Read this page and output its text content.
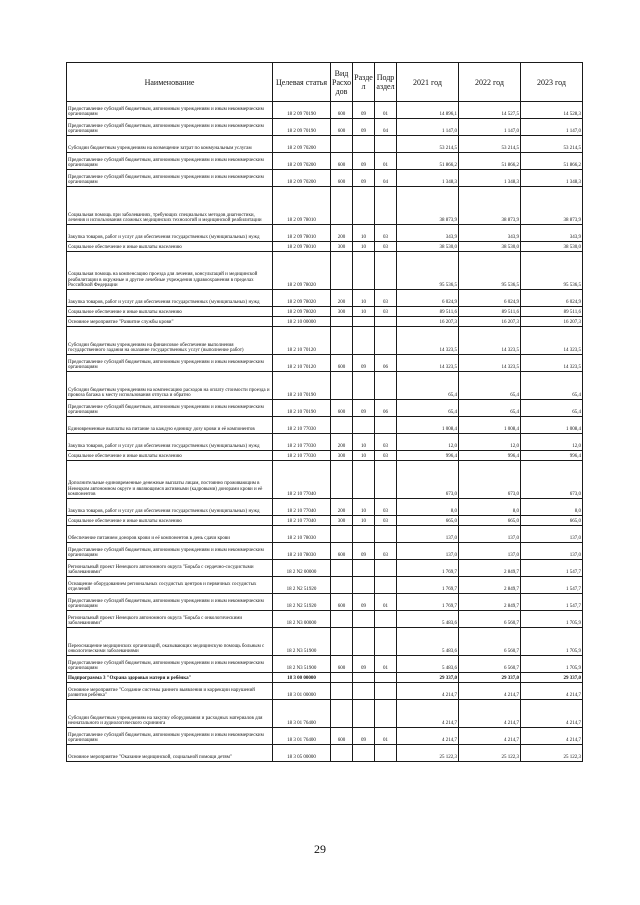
Наименование	Целевая статья	Вид Расхо дов	Разде л	Подр аздел	2021 год	2022 год	2023 год
Предоставление субсидий бюджетным, автономным учреждениям и иным некоммерческим организациям	18 2 09 70190	600	09	01	14 896,1	14 527,5	14 528,3
Предоставление субсидий бюджетным, автономным учреждениям и иным некоммерческим организациям	18 2 09 70190	600	09	04	1 147,0	1 147,0	1 147,0
Субсидии бюджетным учреждениям на возмещение затрат по коммунальным услугам	18 2 09 70200				53 214,5	53 214,5	53 214,5
Предоставление субсидий бюджетным, автономным учреждениям и иным некоммерческим организациям	18 2 09 70200	600	09	01	51 866,2	51 866,2	51 866,2
Предоставление субсидий бюджетным, автономным учреждениям и иным некоммерческим организациям	18 2 09 70200	600	09	04	1 348,3	1 348,3	1 348,3
Социальная помощь при заболеваниях, требующих специальных методов диагностики, лечения и использования сложных медицинских технологий и медицинской реабилитации	18 2 09 78010				38 873,9	38 873,9	38 873,9
Закупка товаров, работ и услуг для обеспечения государственных (муниципальных) нужд	18 2 09 78010	200	10	03	343,9	343,9	343,9
Социальное обеспечение и иные выплаты населению	18 2 09 78010	300	10	03	38 530,0	38 530,0	38 530,0
Социальная помощь на компенсацию проезда для лечения, консультаций и медицинской реабилитации в окружные и другие лечебные учреждения здравоохранения в пределах Российской Федерации	18 2 09 78020				95 536,5	95 536,5	95 536,5
Закупка товаров, работ и услуг для обеспечения государственных (муниципальных) нужд	18 2 09 78020	200	10	03	6 024,9	6 024,9	6 024,9
Социальное обеспечение и иные выплаты населению	18 2 09 78020	300	10	03	89 511,6	89 511,6	89 511,6
Основное мероприятие "Развитие службы крови"	18 2 10 00000				16 207,3	16 207,3	16 207,3
Субсидии бюджетным учреждениям на финансовое обеспечение выполнения государственного задания на оказание государственных услуг (выполнение работ)	18 2 10 70120				14 323,5	14 323,5	14 323,5
Предоставление субсидий бюджетным, автономным учреждениям и иным некоммерческим организациям	18 2 10 70120	600	09	06	14 323,5	14 323,5	14 323,5
Субсидии бюджетным учреждениям на компенсацию расходов на оплату стоимости проезда и провоза багажа к месту использования отпуска и обратно	18 2 10 70190				65,4	65,4	65,4
Предоставление субсидий бюджетным, автономным учреждениям и иным некоммерческим организациям	18 2 10 70190	600	09	06	65,4	65,4	65,4
Единовременные выплаты на питание за каждую единицу дозу крови и её компонентов	18 2 10 77030				1 008,4	1 008,4	1 008,4
Закупка товаров, работ и услуг для обеспечения государственных (муниципальных) нужд	18 2 10 77030	200	10	03	12,0	12,0	12,0
Социальное обеспечение и иные выплаты населению	18 2 10 77030	300	10	03	996,4	996,4	996,4
Дополнительные единовременные денежные выплаты лицам, постоянно проживающим в Ненецком автономном округе и являющимся активными (кадровыми) донорами крови и её компонентов	18 2 10 77040				673,0	673,0	673,0
Закупка товаров, работ и услуг для обеспечения государственных (муниципальных) нужд	18 2 10 77040	200	10	03	8,0	8,0	8,0
Социальное обеспечение и иные выплаты населению	18 2 10 77040	300	10	03	665,0	665,0	665,0
Обеспечение питанием доноров крови и её компонентов в день сдачи крови	18 2 10 78030				137,0	137,0	137,0
Предоставление субсидий бюджетным, автономным учреждениям и иным некоммерческим организациям	18 2 10 78030	600	09	03	137,0	137,0	137,0
Региональный проект Ненецкого автономного округа "Борьба с сердечно-сосудистыми заболеваниями"	18 2 N2 00000				1 769,7	2 849,7	1 547,7
Оснащение оборудованием региональных сосудистых центров и первичных сосудистых отделений	18 2 N2 51920				1 769,7	2 849,7	1 547,7
Предоставление субсидий бюджетным, автономным учреждениям и иным некоммерческим организациям	18 2 N2 51920	600	09	01	1 769,7	2 849,7	1 547,7
Региональный проект Ненецкого автономного округа "Борьба с онкологическими заболеваниями"	18 2 N3 00000				5 483,6	6 560,7	1 705,9
Переоснащение медицинских организаций, оказывающих медицинскую помощь больным с онкологическими заболеваниями	18 2 N3 51900				5 483,6	6 560,7	1 705,9
Предоставление субсидий бюджетным, автономным учреждениям и иным некоммерческим организациям	18 2 N3 51900	600	09	01	5 483,6	6 560,7	1 705,9
Подпрограмма 3 "Охрана здоровья матери и ребёнка"	18 3 00 00000				29 337,0	29 337,0	29 337,0
Основное мероприятие "Создание системы раннего выявления и коррекции нарушений развития ребёнка"	18 3 01 00000				4 214,7	4 214,7	4 214,7
Субсидии бюджетным учреждениям на закупку оборудования и расходных материалов для неонатального и аудиологического скрининга	18 3 01 76400				4 214,7	4 214,7	4 214,7
Предоставление субсидий бюджетным, автономным учреждениям и иным некоммерческим организациям	18 3 01 76400	600	09	01	4 214,7	4 214,7	4 214,7
Основное мероприятие "Оказание медицинской, социальной помощи детям"	18 3 05 00000				25 122,3	25 122,3	25 122,3
29
